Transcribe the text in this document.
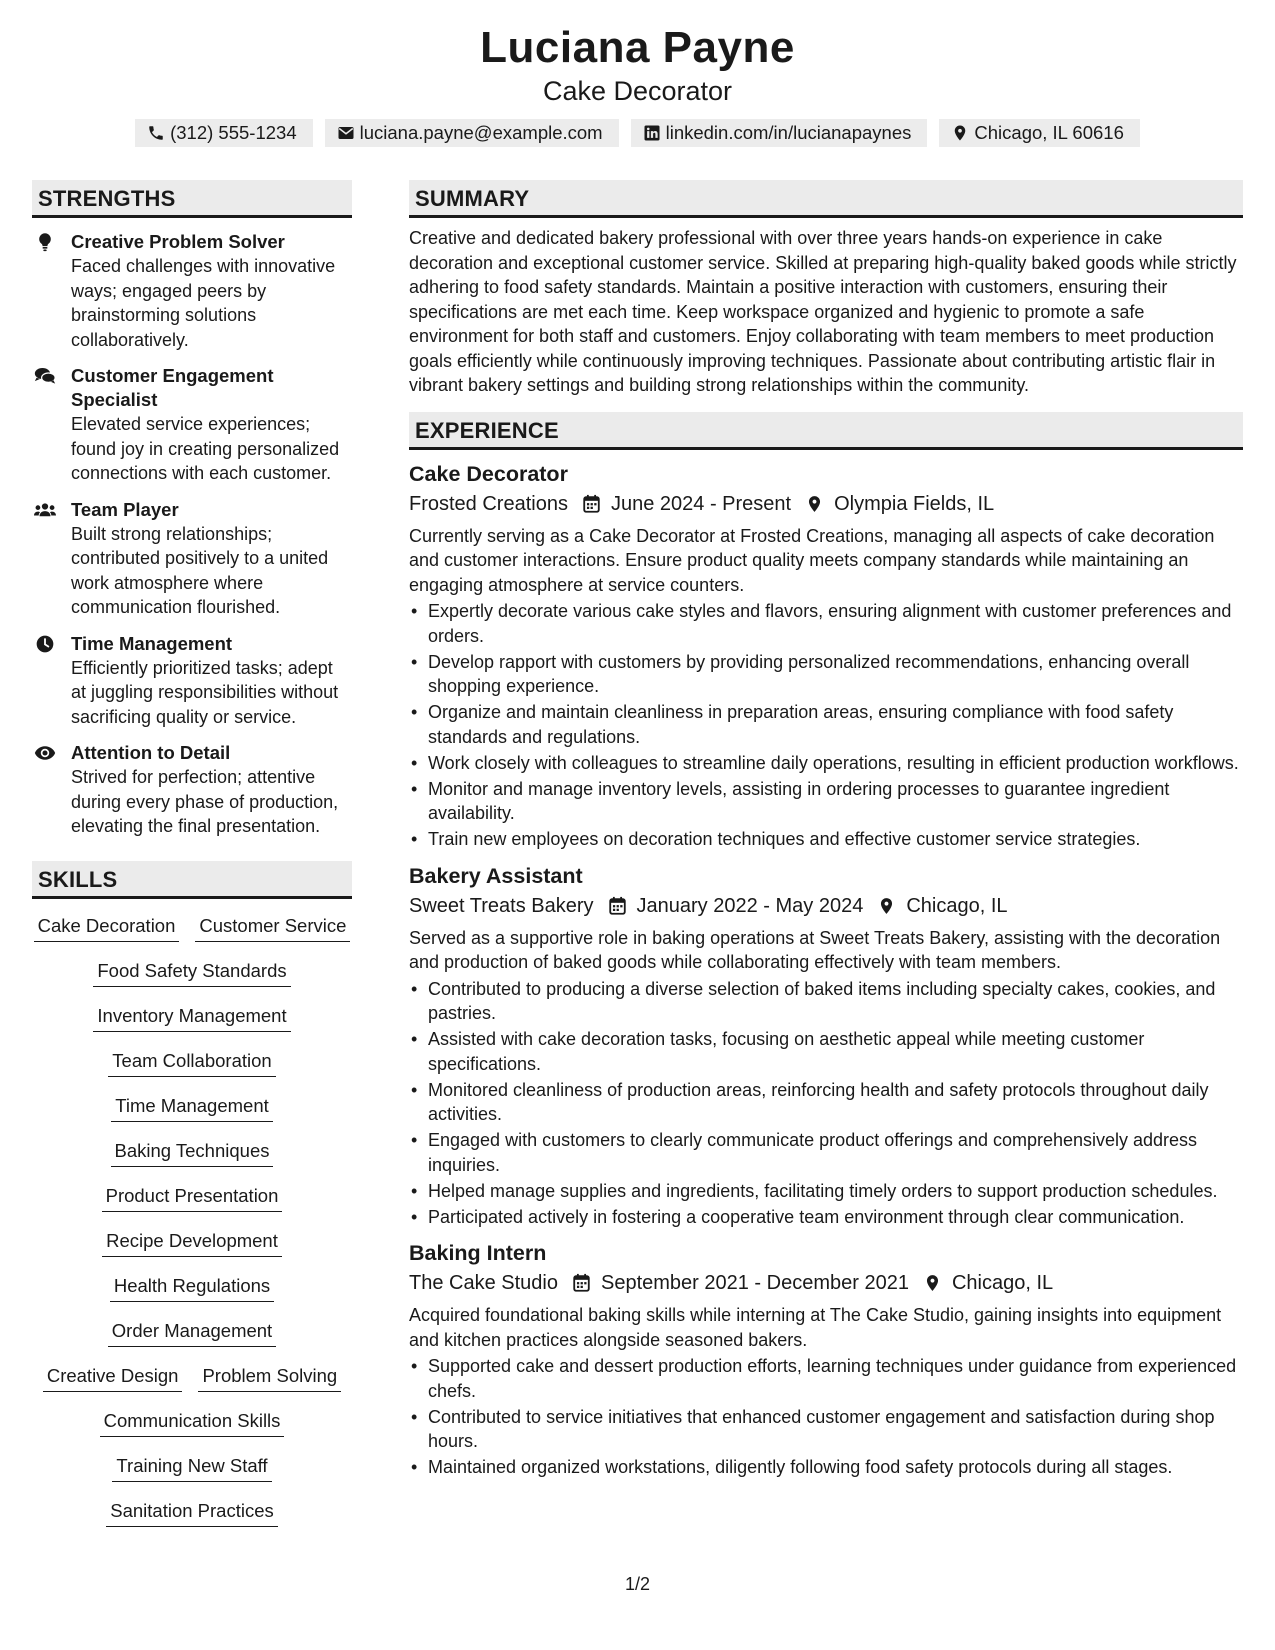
Luciana Payne
Cake Decorator
(312) 555-1234	luciana.payne@example.com	linkedin.com/in/lucianapaynes	Chicago, IL 60616
STRENGTHS
Creative Problem Solver
Faced challenges with innovative ways; engaged peers by brainstorming solutions collaboratively.
Customer Engagement Specialist
Elevated service experiences; found joy in creating personalized connections with each customer.
Team Player
Built strong relationships; contributed positively to a united work atmosphere where communication flourished.
Time Management
Efficiently prioritized tasks; adept at juggling responsibilities without sacrificing quality or service.
Attention to Detail
Strived for perfection; attentive during every phase of production, elevating the final presentation.
SKILLS
Cake Decoration Customer Service
Food Safety Standards
Inventory Management
Team Collaboration
Time Management
Baking Techniques
Product Presentation
Recipe Development
Health Regulations
Order Management
Creative Design Problem Solving
Communication Skills
Training New Staff
Sanitation Practices
SUMMARY
Creative and dedicated bakery professional with over three years hands-on experience in cake decoration and exceptional customer service. Skilled at preparing high-quality baked goods while strictly adhering to food safety standards. Maintain a positive interaction with customers, ensuring their specifications are met each time. Keep workspace organized and hygienic to promote a safe environment for both staff and customers. Enjoy collaborating with team members to meet production goals efficiently while continuously improving techniques. Passionate about contributing artistic flair in vibrant bakery settings and building strong relationships within the community.
EXPERIENCE
Cake Decorator
Frosted Creations June 2024 - Present Olympia Fields, IL
Currently serving as a Cake Decorator at Frosted Creations, managing all aspects of cake decoration and customer interactions. Ensure product quality meets company standards while maintaining an engaging atmosphere at service counters.
• Expertly decorate various cake styles and flavors, ensuring alignment with customer preferences and orders.
• Develop rapport with customers by providing personalized recommendations, enhancing overall shopping experience.
• Organize and maintain cleanliness in preparation areas, ensuring compliance with food safety standards and regulations.
• Work closely with colleagues to streamline daily operations, resulting in efficient production workflows.
• Monitor and manage inventory levels, assisting in ordering processes to guarantee ingredient availability.
• Train new employees on decoration techniques and effective customer service strategies.
Bakery Assistant
Sweet Treats Bakery January 2022 - May 2024 Chicago, IL
Served as a supportive role in baking operations at Sweet Treats Bakery, assisting with the decoration and production of baked goods while collaborating effectively with team members.
• Contributed to producing a diverse selection of baked items including specialty cakes, cookies, and pastries.
• Assisted with cake decoration tasks, focusing on aesthetic appeal while meeting customer specifications.
• Monitored cleanliness of production areas, reinforcing health and safety protocols throughout daily activities.
• Engaged with customers to clearly communicate product offerings and comprehensively address inquiries.
• Helped manage supplies and ingredients, facilitating timely orders to support production schedules.
• Participated actively in fostering a cooperative team environment through clear communication.
Baking Intern
The Cake Studio September 2021 - December 2021 Chicago, IL
Acquired foundational baking skills while interning at The Cake Studio, gaining insights into equipment and kitchen practices alongside seasoned bakers.
• Supported cake and dessert production efforts, learning techniques under guidance from experienced chefs.
• Contributed to service initiatives that enhanced customer engagement and satisfaction during shop hours.
• Maintained organized workstations, diligently following food safety protocols during all stages.
1/2
